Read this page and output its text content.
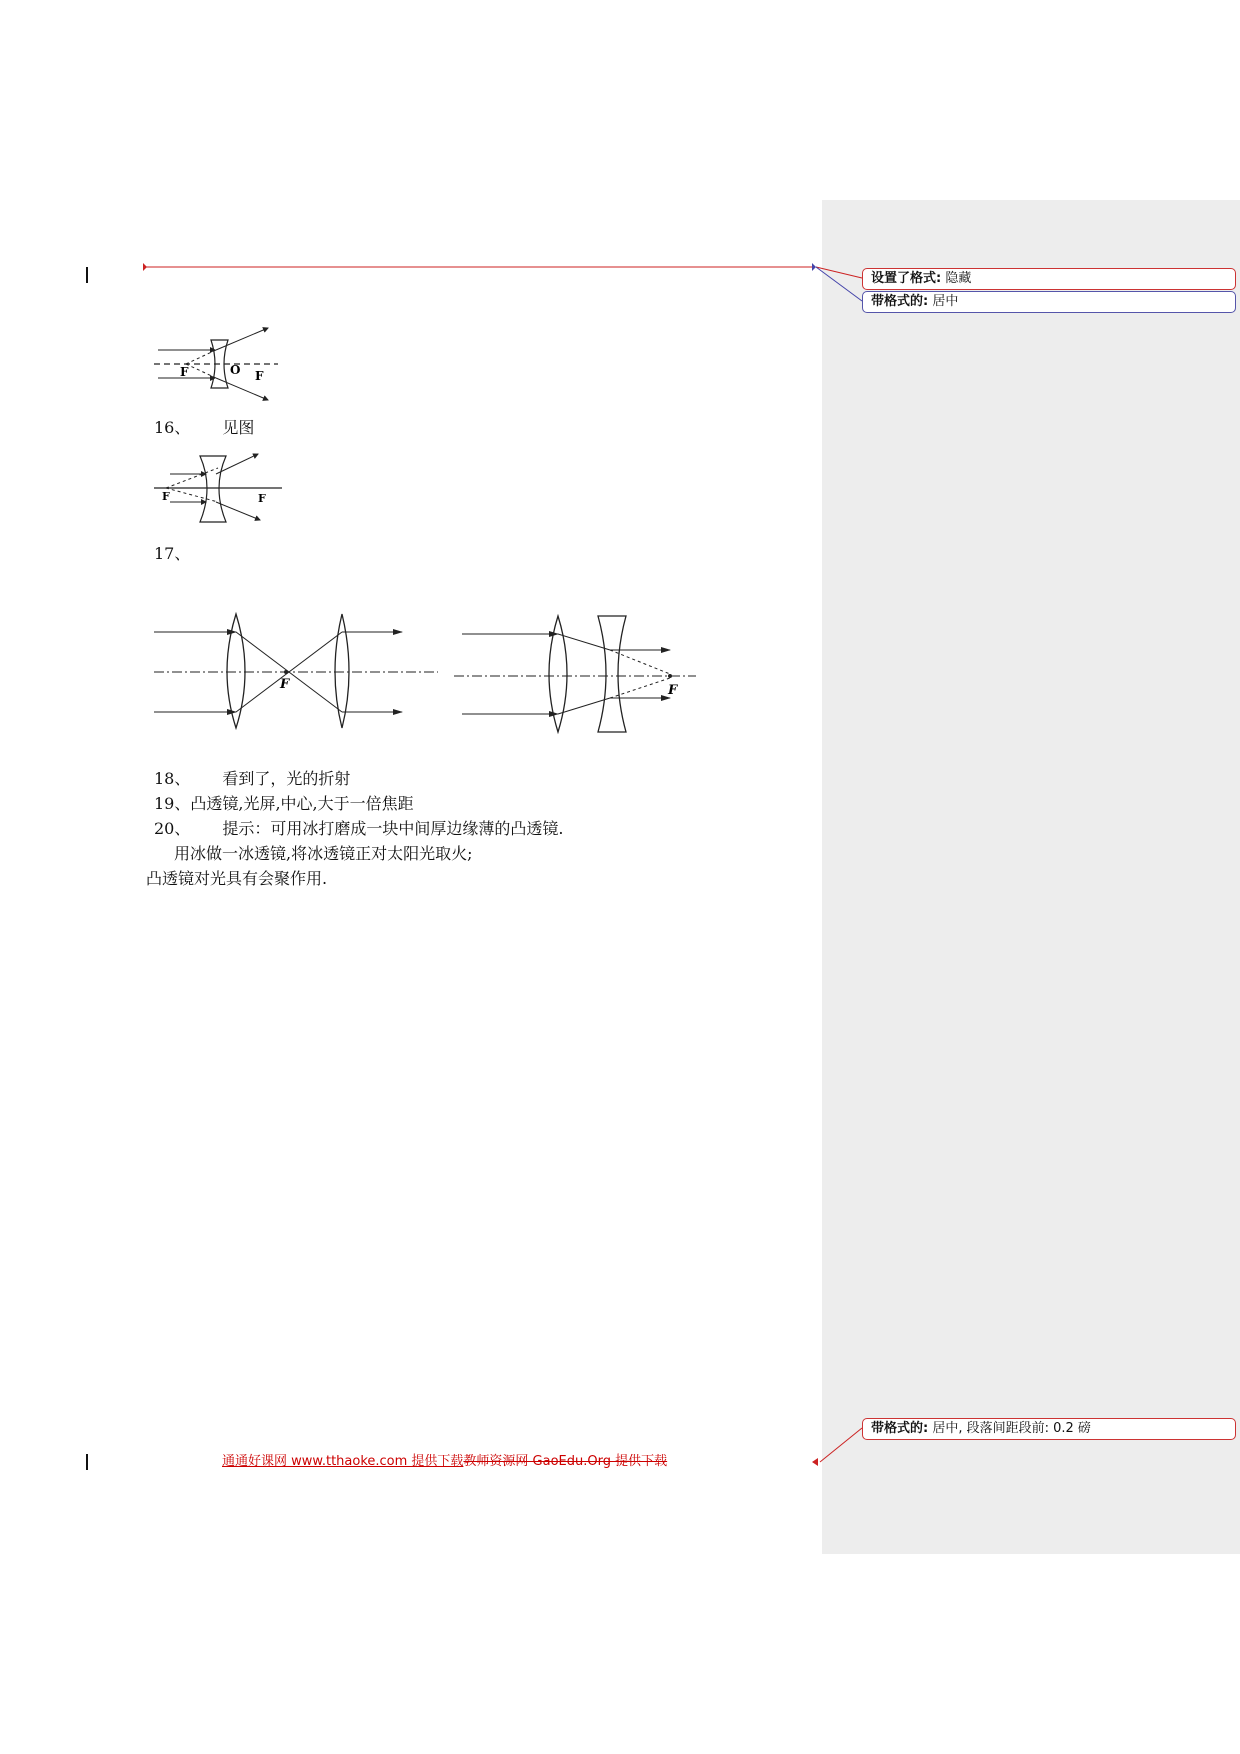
设置了格式: 隐藏
带格式的: 居中
带格式的: 居中, 段落间距段前: 0.2 磅
F	O F
16、 见图
F	F
17、
F	F
18、 看到了，光的折射
19、凸透镜,光屏,中心,大于一倍焦距
20、 提示：可用冰打磨成一块中间厚边缘薄的凸透镜.
用冰做一冰透镜,将冰透镜正对太阳光取火;
凸透镜对光具有会聚作用.
通通好课网 www.tthaoke.com 提供下载教师资源网 GaoEdu.Org 提供下载
